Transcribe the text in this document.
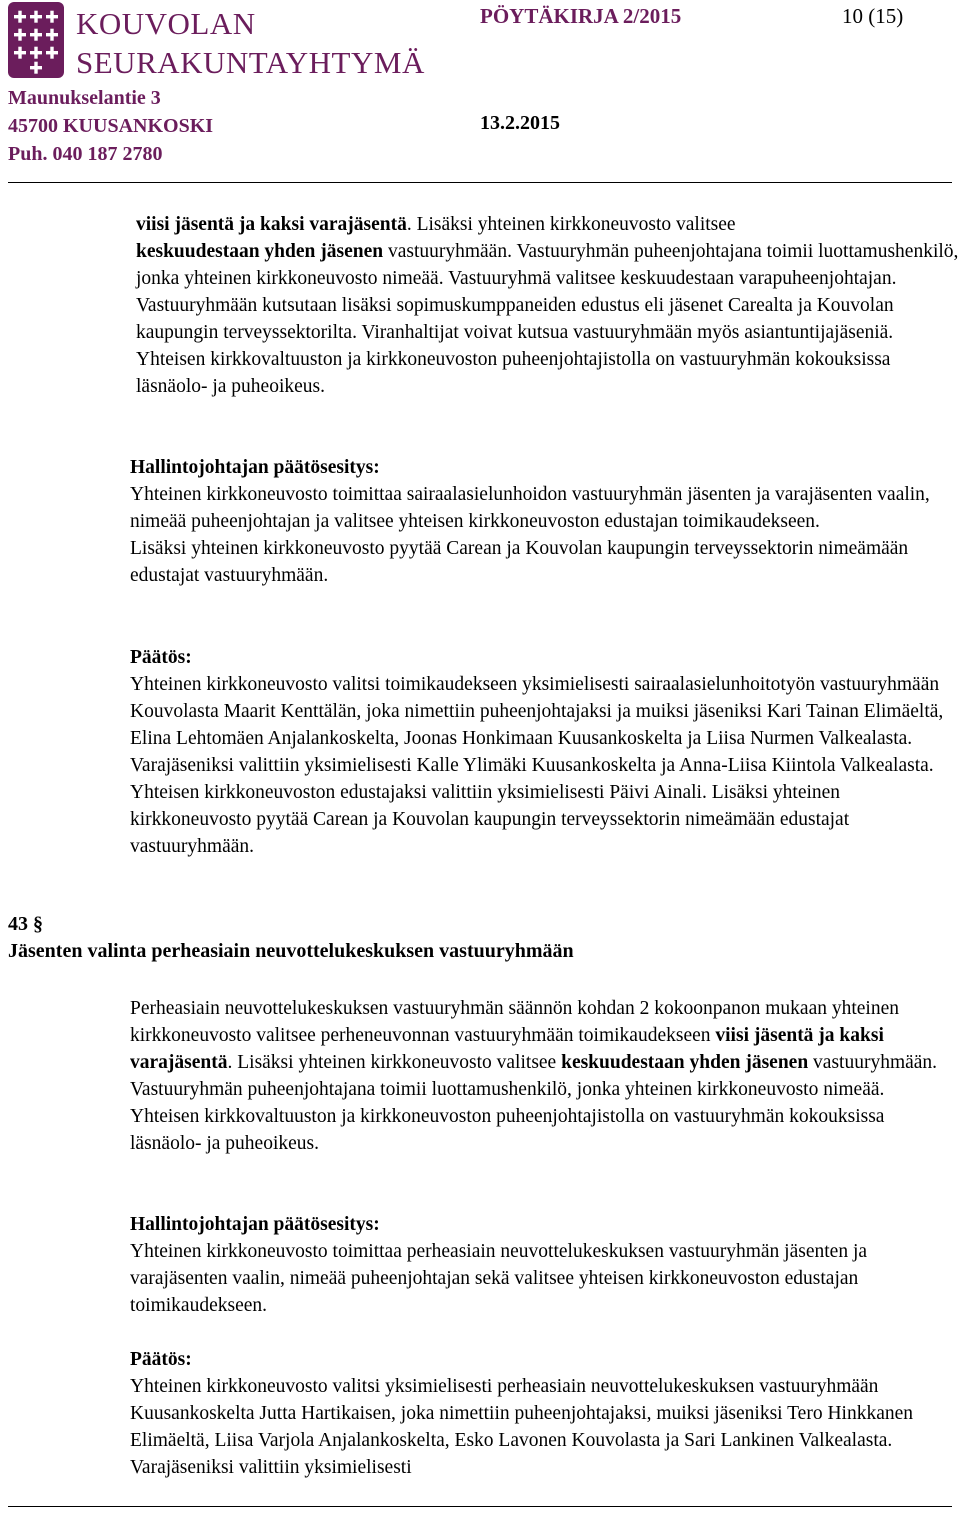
KOUVOLAN
SEURAKUNTAYHTYMÄ
Maunukselantie 3
45700 KUUSANKOSKI
Puh. 040 187 2780
PÖYTÄKIRJA 2/2015	10 (15)
13.2.2015

viisi jäsentä ja kaksi varajäsentä. Lisäksi yhteinen kirkkoneuvosto valitsee
keskuudestaan yhden jäsenen vastuuryhmään. Vastuuryhmän puheenjohtajana toimii luottamushenkilö, jonka yhteinen kirkkoneuvosto nimeää. Vastuuryhmä valitsee keskuudestaan varapuheenjohtajan. Vastuuryhmään kutsutaan lisäksi sopimuskumppaneiden edustus eli jäsenet Carealta ja Kouvolan kaupungin terveyssektorilta. Viranhaltijat voivat kutsua vastuuryhmään myös asiantuntijajäseniä. Yhteisen kirkkovaltuuston ja kirkkoneuvoston puheenjohtajistolla on vastuuryhmän kokouksissa läsnäolo- ja puheoikeus.

Hallintojohtajan päätösesitys:
Yhteinen kirkkoneuvosto toimittaa sairaalasielunhoidon vastuuryhmän jäsenten ja varajäsenten vaalin, nimeää puheenjohtajan ja valitsee yhteisen kirkkoneuvoston edustajan toimikaudekseen.
Lisäksi yhteinen kirkkoneuvosto pyytää Carean ja Kouvolan kaupungin terveyssektorin nimeämään edustajat vastuuryhmään.

Päätös:
Yhteinen kirkkoneuvosto valitsi toimikaudekseen yksimielisesti sairaalasielunhoitotyön vastuuryhmään Kouvolasta Maarit Kenttälän, joka nimettiin puheenjohtajaksi ja muiksi jäseniksi Kari Tainan Elimäeltä, Elina Lehtomäen Anjalankoskelta, Joonas Honkimaan Kuusankoskelta ja Liisa Nurmen Valkealasta. Varajäseniksi valittiin yksimielisesti Kalle Ylimäki Kuusankoskelta ja Anna-Liisa Kiintola Valkealasta. Yhteisen kirkkoneuvoston edustajaksi valittiin yksimielisesti Päivi Ainali. Lisäksi yhteinen kirkkoneuvosto pyytää Carean ja Kouvolan kaupungin terveyssektorin nimeämään edustajat vastuuryhmään.

43 §
Jäsenten valinta perheasiain neuvottelukeskuksen vastuuryhmään

Perheasiain neuvottelukeskuksen vastuuryhmän säännön kohdan 2 kokoonpanon mukaan yhteinen kirkkoneuvosto valitsee perheneuvonnan vastuuryhmään toimikaudekseen viisi jäsentä ja kaksi varajäsentä. Lisäksi yhteinen kirkkoneuvosto valitsee keskuudestaan yhden jäsenen vastuuryhmään. Vastuuryhmän puheenjohtajana toimii luottamushenkilö, jonka yhteinen kirkkoneuvosto nimeää. Yhteisen kirkkovaltuuston ja kirkkoneuvoston puheenjohtajistolla on vastuuryhmän kokouksissa läsnäolo- ja puheoikeus.

Hallintojohtajan päätösesitys:
Yhteinen kirkkoneuvosto toimittaa perheasiain neuvottelukeskuksen vastuuryhmän jäsenten ja varajäsenten vaalin, nimeää puheenjohtajan sekä valitsee yhteisen kirkkoneuvoston edustajan toimikaudekseen.

Päätös:
Yhteinen kirkkoneuvosto valitsi yksimielisesti perheasiain neuvottelukeskuksen vastuuryhmään Kuusankoskelta Jutta Hartikaisen, joka nimettiin puheenjohtajaksi, muiksi jäseniksi Tero Hinkkanen Elimäeltä, Liisa Varjola Anjalankoskelta, Esko Lavonen Kouvolasta ja Sari Lankinen Valkealasta. Varajäseniksi valittiin yksimielisesti
